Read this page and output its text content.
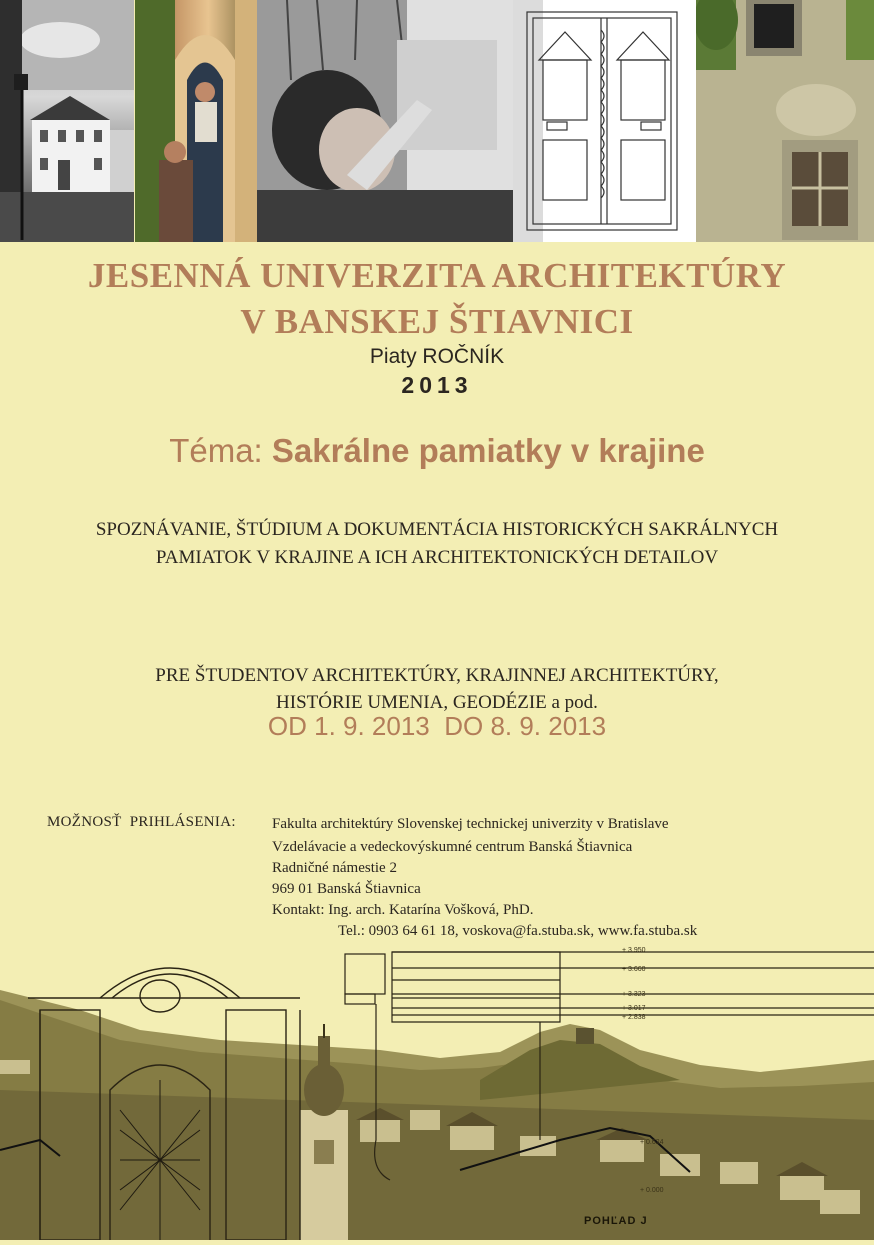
JESENNÁ UNIVERZITA ARCHITEKTÚRY
V BANSKEJ ŠTIAVNICI

Piaty ROČNÍK

2013

Téma: Sakrálne pamiatky v krajine

SPOZNÁVANIE, ŠTÚDIUM A DOKUMENTÁCIA HISTORICKÝCH SAKRÁLNYCH
PAMIATOK V KRAJINE A ICH ARCHITEKTONICKÝCH DETAILOV
PRE ŠTUDENTOV ARCHITEKTÚRY, KRAJINNEJ ARCHITEKTÚRY,
HISTÓRIE UMENIA, GEODÉZIE a pod.

OD 1. 9. 2013  DO 8. 9. 2013

MOŽNOSŤ  PRIHLÁSENIA: Fakulta architektúry Slovenskej technickej univerzity v Bratislave
Vzdelávacie a vedeckovýskumné centrum Banská Štiavnica
Radničné námestie 2
969 01 Banská Štiavnica
Kontakt: Ing. arch. Katarína Vošková, PhD.
Tel.: 0903 64 61 18, voskova@fa.stuba.sk, www.fa.stuba.sk
+ 3.950
+ 3.660
+ 3.323
+ 3.017
+ 2.838
+ 0.624
+ 0.000
POHĽAD J
